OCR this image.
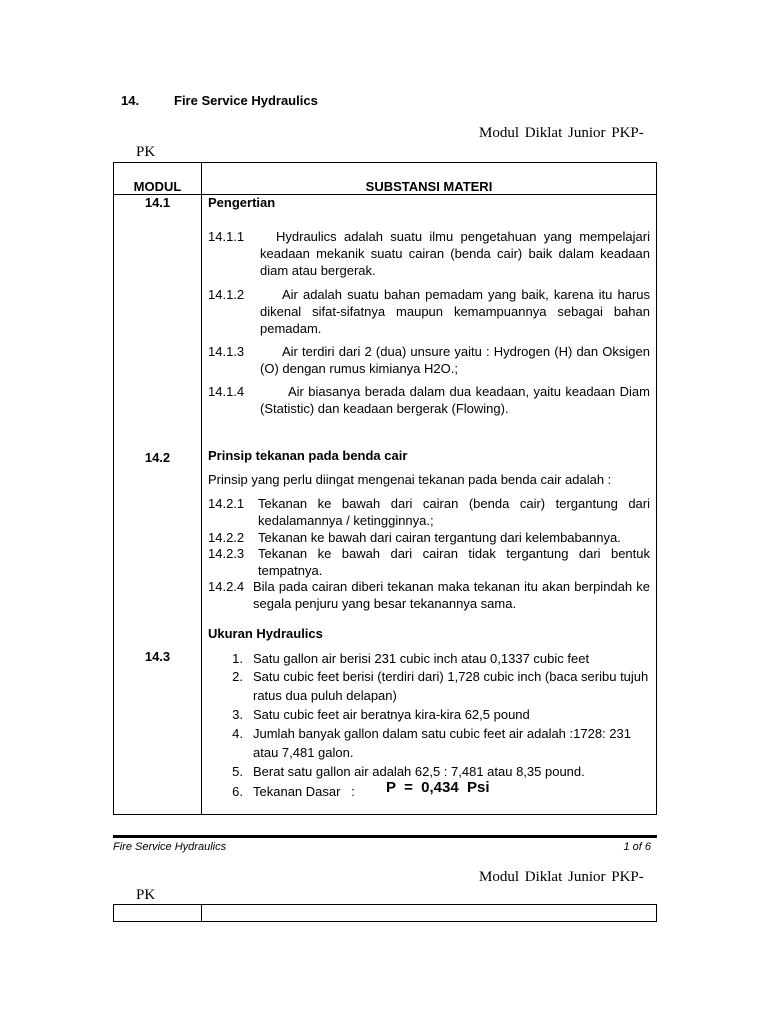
14.	Fire Service Hydraulics
Modul Diklat Junior PKP-
PK
MODUL	SUBSTANSI MATERI
14.1	Pengertian
14.1.1 Hydraulics adalah suatu ilmu pengetahuan yang mempelajari keadaan mekanik suatu cairan (benda cair) baik dalam keadaan diam atau bergerak.
14.1.2	Air adalah suatu bahan pemadam yang baik, karena itu harus dikenal sifat-sifatnya maupun kemampuannya sebagai bahan pemadam.
14.1.3	Air terdiri dari 2 (dua) unsure yaitu : Hydrogen (H) dan Oksigen (O) dengan rumus kimianya H2O.;
14.1.4	Air biasanya berada dalam dua keadaan, yaitu keadaan Diam (Statistic) dan keadaan bergerak (Flowing).
14.2	Prinsip tekanan pada benda cair
Prinsip yang perlu diingat mengenai tekanan pada benda cair adalah :
14.2.1 Tekanan ke bawah dari cairan (benda cair) tergantung dari kedalamannya / ketingginnya.;
14.2.2 Tekanan ke bawah dari cairan tergantung dari kelembabannya.
14.2.3 Tekanan ke bawah dari cairan tidak tergantung dari bentuk tempatnya.
14.2.4 Bila pada cairan diberi tekanan maka tekanan itu akan berpindah ke segala penjuru yang besar tekanannya sama.
Ukuran Hydraulics
14.3	1. Satu gallon air berisi 231 cubic inch atau 0,1337 cubic feet
2. Satu cubic feet berisi (terdiri dari) 1,728 cubic inch (baca seribu tujuh ratus dua puluh delapan)
3. Satu cubic feet air beratnya kira-kira 62,5 pound
4. Jumlah banyak gallon dalam satu cubic feet air adalah :1728: 231 atau 7,481 galon.
5. Berat satu gallon air adalah 62,5 : 7,481 atau 8,35 pound.
6. Tekanan Dasar   :	P  =  0,434  Psi
Fire Service Hydraulics	1 of 6
Modul Diklat Junior PKP-
PK
